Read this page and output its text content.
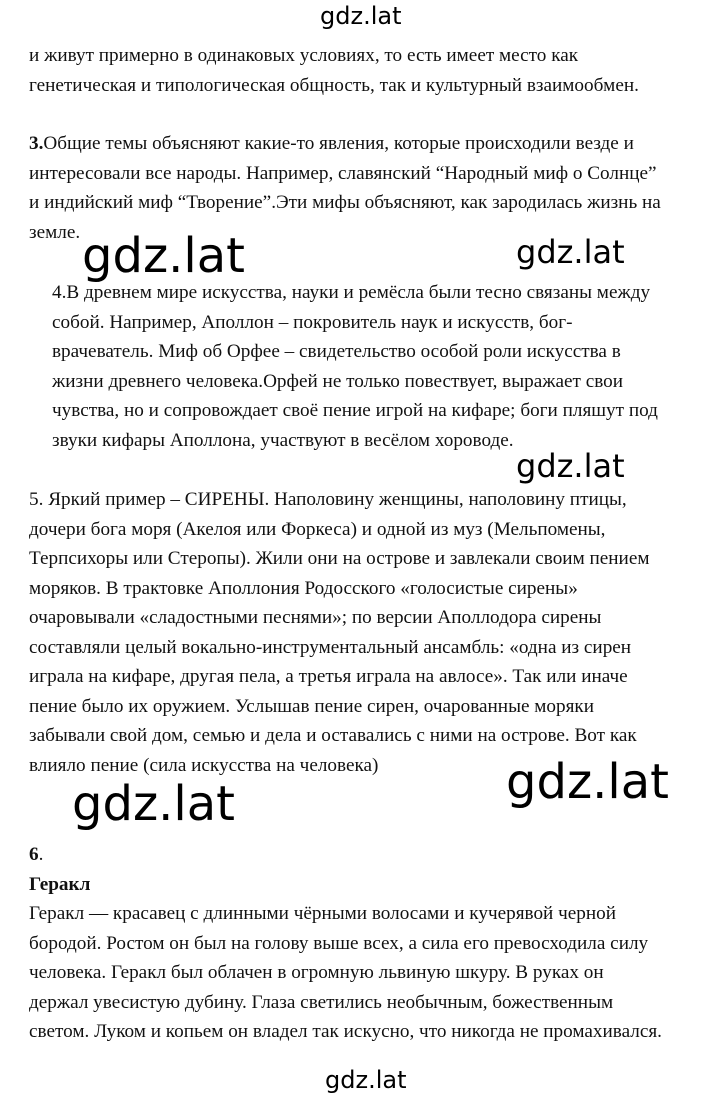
gdz.lat
и живут примерно в одинаковых условиях, то есть имеет место как
генетическая и типологическая общность, так и культурный взаимообмен.
3.Общие темы объясняют какие-то явления, которые происходили везде и
интересовали все народы. Например, славянский “Народный миф о Солнце”
и индийский миф “Творение”.Эти мифы объясняют, как зародилась жизнь на
земле.
4.В древнем мире искусства, науки и ремёсла были тесно связаны между
собой. Например, Аполлон – покровитель наук и искусств, бог-
врачеватель. Миф об Орфее – свидетельство особой роли искусства в
жизни древнего человека.Орфей не только повествует, выражает свои
чувства, но и сопровождает своё пение игрой на кифаре; боги пляшут под
звуки кифары Аполлона, участвуют в весёлом хороводе.
gdz.lat	gdz.lat
gdz.lat
5. Яркий пример – СИРЕНЫ. Наполовину женщины, наполовину птицы,
дочери бога моря (Акелоя или Форкеса) и одной из муз (Мельпомены,
Терпсихоры или Стеропы). Жили они на острове и завлекали своим пением
моряков. В трактовке Аполлония Родосского «голосистые сирены»
очаровывали «сладостными песнями»; по версии Аполлодора сирены
составляли целый вокально-инструментальный ансамбль: «одна из сирен
играла на кифаре, другая пела, а третья играла на авлосе». Так или иначе
пение было их оружием. Услышав пение сирен, очарованные моряки
забывали свой дом, семью и дела и оставались с ними на острове. Вот как
влияло пение (сила искусства на человека)	gdz.lat
gdz.lat
6.
Геракл
Геракл — красавец с длинными чёрными волосами и кучерявой черной
бородой. Ростом он был на голову выше всех, а сила его превосходила силу
человека. Геракл был облачен в огромную львиную шкуру. В руках он
держал увесистую дубину. Глаза светились необычным, божественным
светом. Луком и копьем он владел так искусно, что никогда не промахивался.
gdz.lat
